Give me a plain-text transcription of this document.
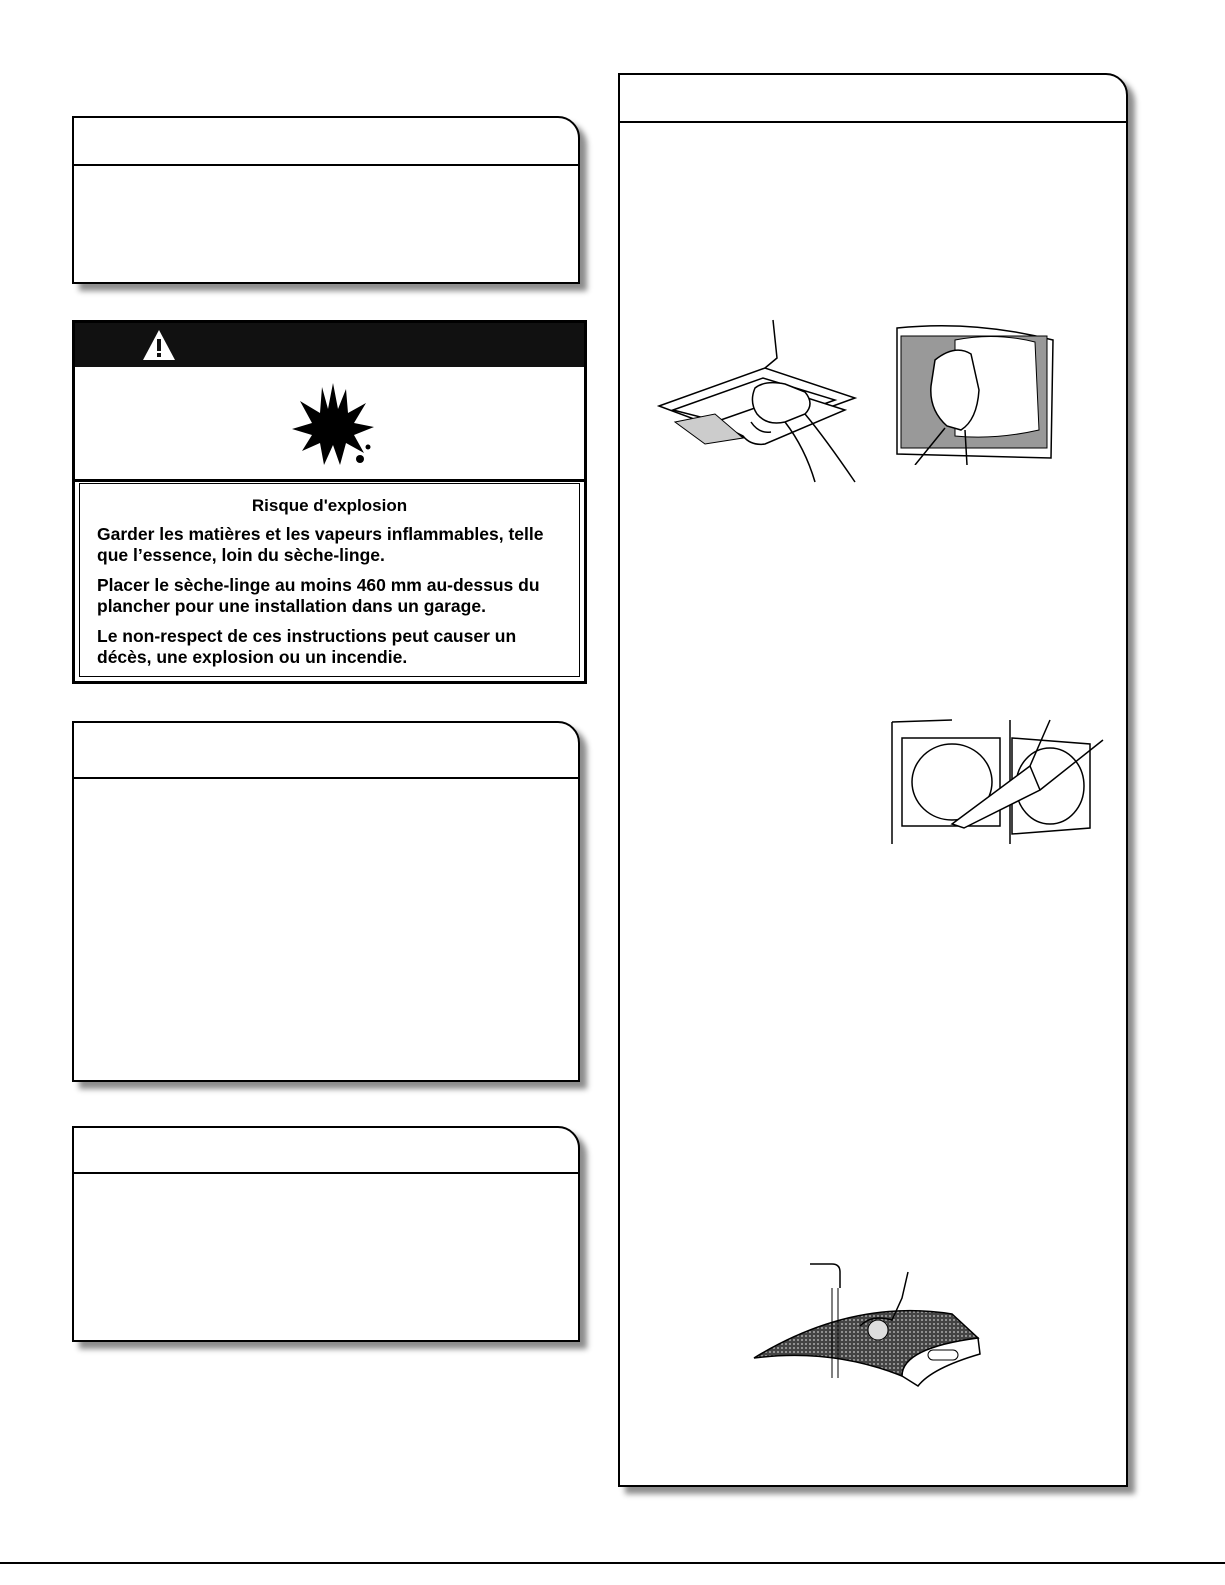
Risque d'explosion

Garder les matières et les vapeurs inflammables, telle que l’essence, loin du sèche-linge.

Placer le sèche-linge au moins 460 mm au-dessus du plancher pour une installation dans un garage.

Le non-respect de ces instructions peut causer un décès, une explosion ou un incendie.
